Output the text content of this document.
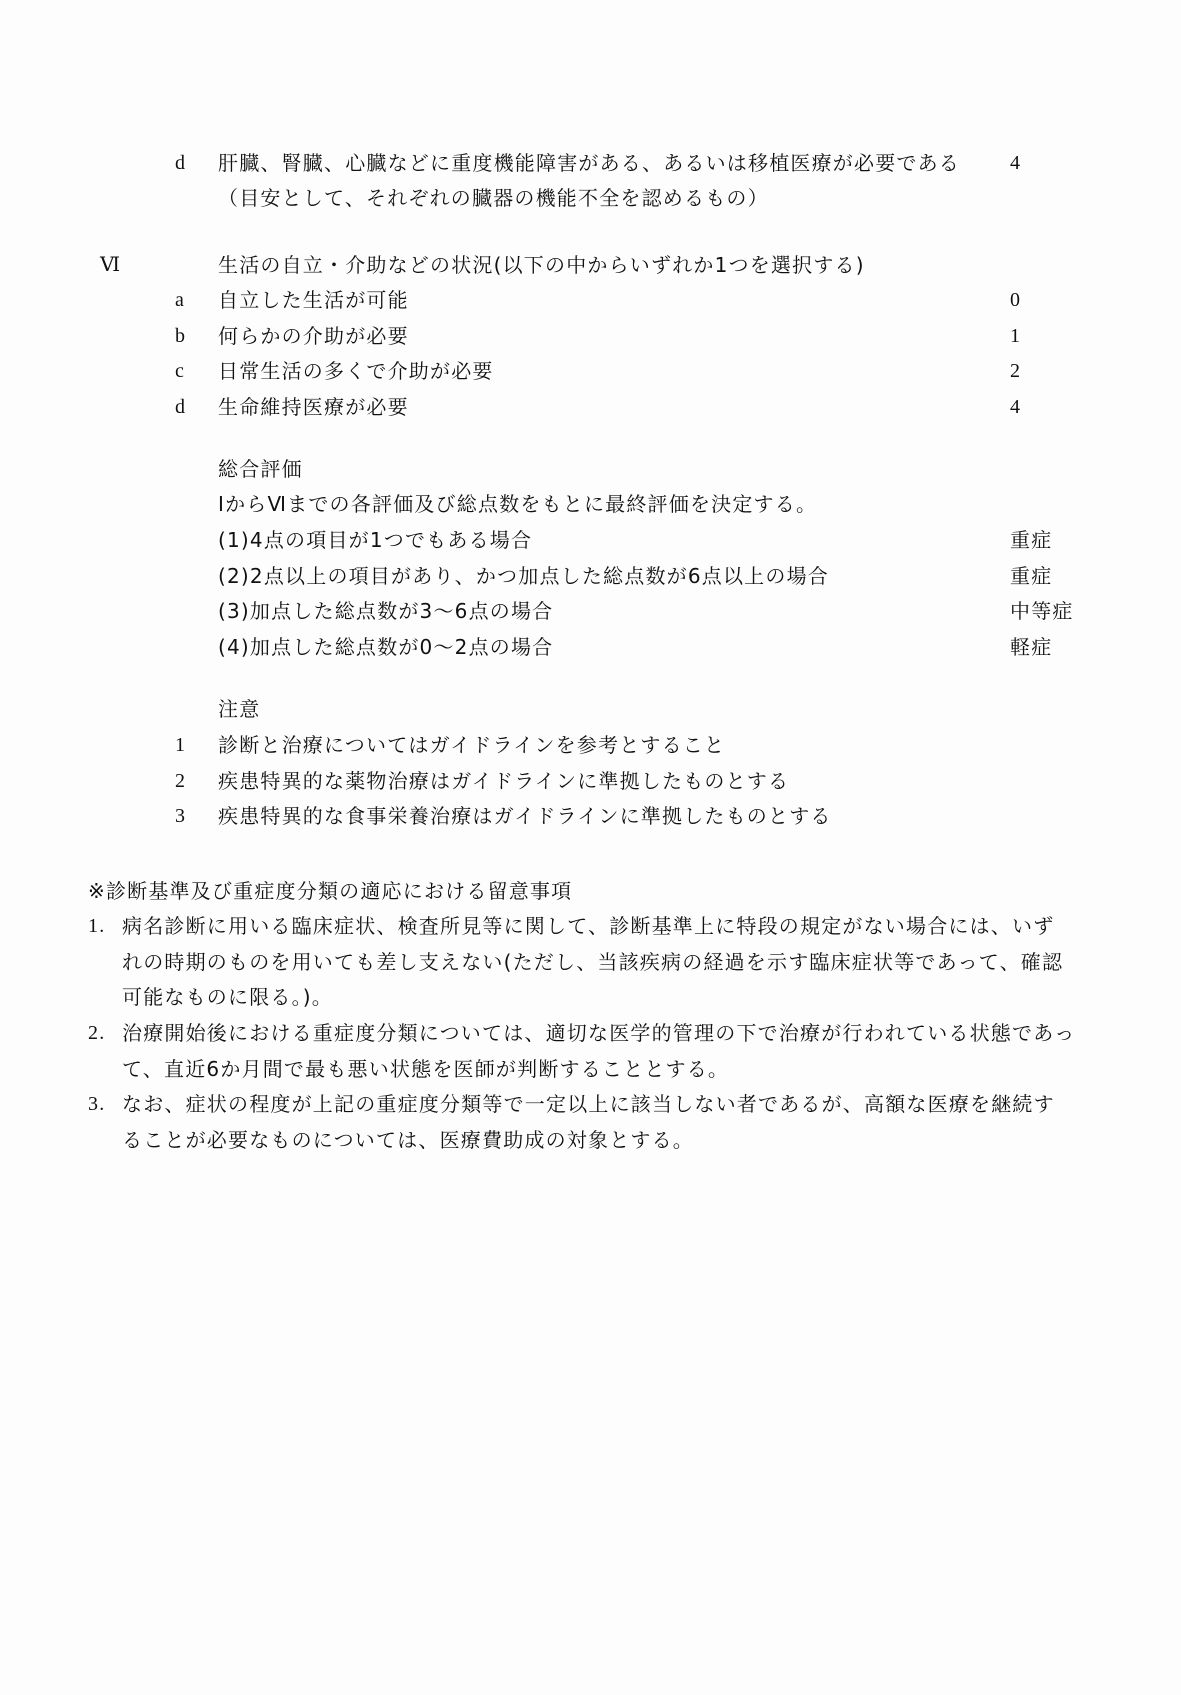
d 肝臓、腎臓、心臓などに重度機能障害がある、あるいは移植医療が必要である	4
（目安として、それぞれの臓器の機能不全を認めるもの）
Ⅵ	生活の自立・介助などの状況(以下の中からいずれか1つを選択する)
a 自立した生活が可能	0
b 何らかの介助が必要	1
c 日常生活の多くで介助が必要	2
d 生命維持医療が必要	4
総合評価
ⅠからⅥまでの各評価及び総点数をもとに最終評価を決定する。
(1)4点の項目が1つでもある場合	重症
(2)2点以上の項目があり、かつ加点した総点数が6点以上の場合	重症
(3)加点した総点数が3～6点の場合	中等症
(4)加点した総点数が0～2点の場合	軽症
注意
1 診断と治療についてはガイドラインを参考とすること
2 疾患特異的な薬物治療はガイドラインに準拠したものとする
3 疾患特異的な食事栄養治療はガイドラインに準拠したものとする
※診断基準及び重症度分類の適応における留意事項
1. 病名診断に用いる臨床症状、検査所見等に関して、診断基準上に特段の規定がない場合には、いず
れの時期のものを用いても差し支えない(ただし、当該疾病の経過を示す臨床症状等であって、確認
可能なものに限る。)。
2. 治療開始後における重症度分類については、適切な医学的管理の下で治療が行われている状態であっ
て、直近6か月間で最も悪い状態を医師が判断することとする。
3. なお、症状の程度が上記の重症度分類等で一定以上に該当しない者であるが、高額な医療を継続す
ることが必要なものについては、医療費助成の対象とする。
